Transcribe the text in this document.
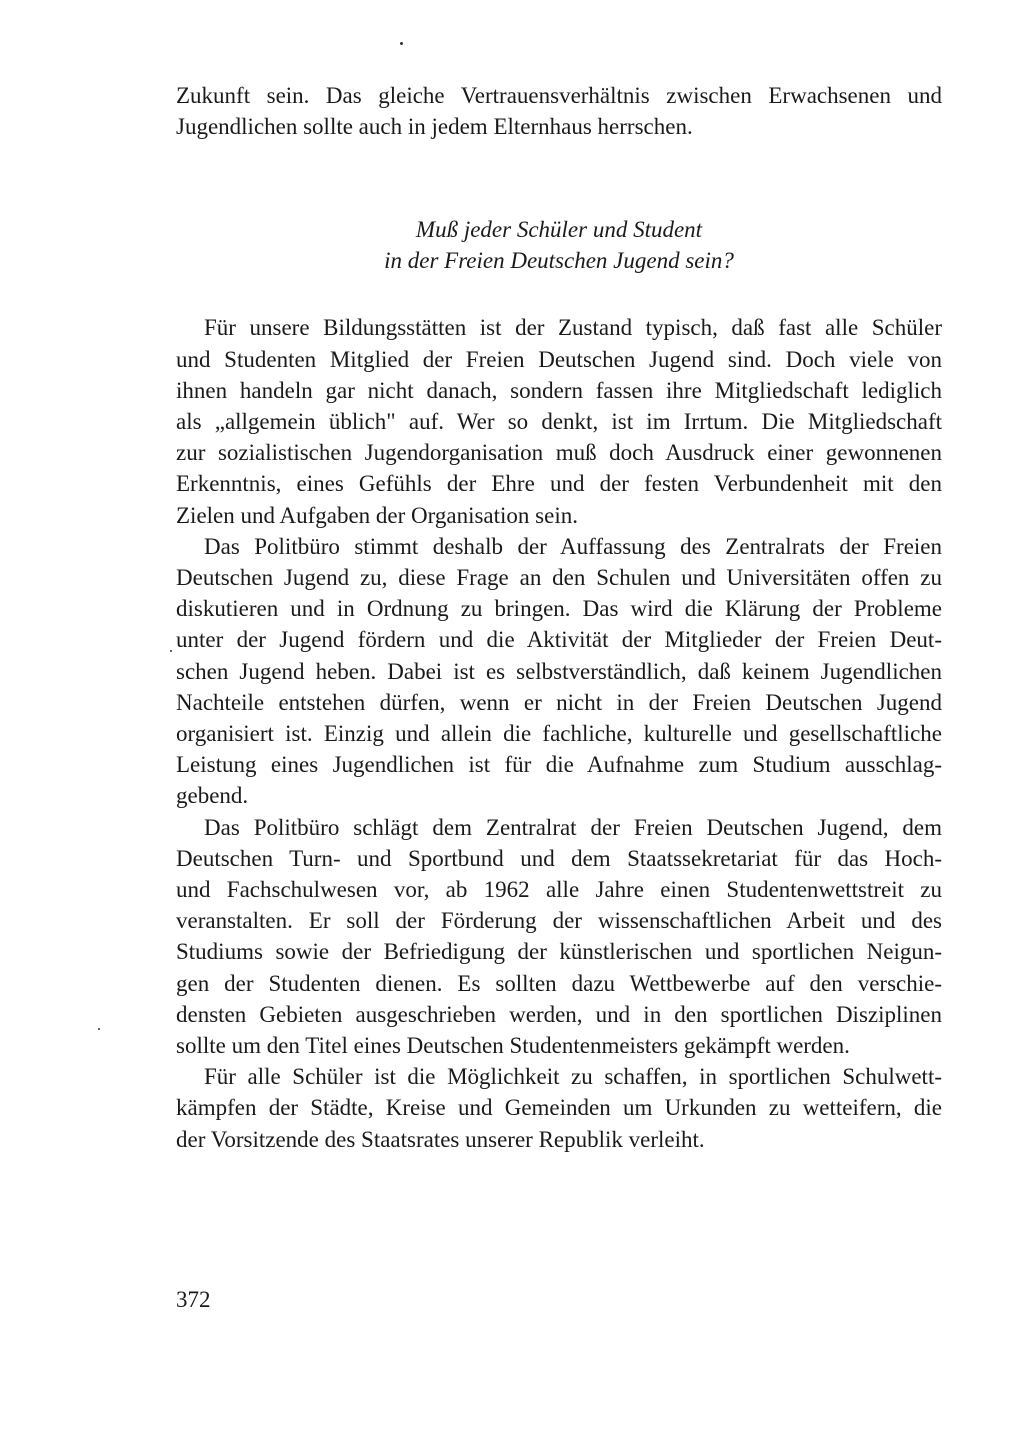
Zukunft sein. Das gleiche Vertrauensverhältnis zwischen Erwachsenen und
Jugendlichen sollte auch in jedem Elternhaus herrschen.

Muß jeder Schüler und Student
in der Freien Deutschen Jugend sein?

Für unsere Bildungsstätten ist der Zustand typisch, daß fast alle Schüler
und Studenten Mitglied der Freien Deutschen Jugend sind. Doch viele von
ihnen handeln gar nicht danach, sondern fassen ihre Mitgliedschaft lediglich
als „allgemein üblich" auf. Wer so denkt, ist im Irrtum. Die Mitgliedschaft
zur sozialistischen Jugendorganisation muß doch Ausdruck einer gewonnenen
Erkenntnis, eines Gefühls der Ehre und der festen Verbundenheit mit den
Zielen und Aufgaben der Organisation sein.

Das Politbüro stimmt deshalb der Auffassung des Zentralrats der Freien
Deutschen Jugend zu, diese Frage an den Schulen und Universitäten offen zu
diskutieren und in Ordnung zu bringen. Das wird die Klärung der Probleme
unter der Jugend fördern und die Aktivität der Mitglieder der Freien Deut-
schen Jugend heben. Dabei ist es selbstverständlich, daß keinem Jugendlichen
Nachteile entstehen dürfen, wenn er nicht in der Freien Deutschen Jugend
organisiert ist. Einzig und allein die fachliche, kulturelle und gesellschaftliche
Leistung eines Jugendlichen ist für die Aufnahme zum Studium ausschlag-
gebend.

Das Politbüro schlägt dem Zentralrat der Freien Deutschen Jugend, dem
Deutschen Turn- und Sportbund und dem Staatssekretariat für das Hoch-
und Fachschulwesen vor, ab 1962 alle Jahre einen Studentenwettstreit zu
veranstalten. Er soll der Förderung der wissenschaftlichen Arbeit und des
Studiums sowie der Befriedigung der künstlerischen und sportlichen Neigun-
gen der Studenten dienen. Es sollten dazu Wettbewerbe auf den verschie-
densten Gebieten ausgeschrieben werden, und in den sportlichen Disziplinen
sollte um den Titel eines Deutschen Studentenmeisters gekämpft werden.

Für alle Schüler ist die Möglichkeit zu schaffen, in sportlichen Schulwett-
kämpfen der Städte, Kreise und Gemeinden um Urkunden zu wetteifern, die
der Vorsitzende des Staatsrates unserer Republik verleiht.

372
